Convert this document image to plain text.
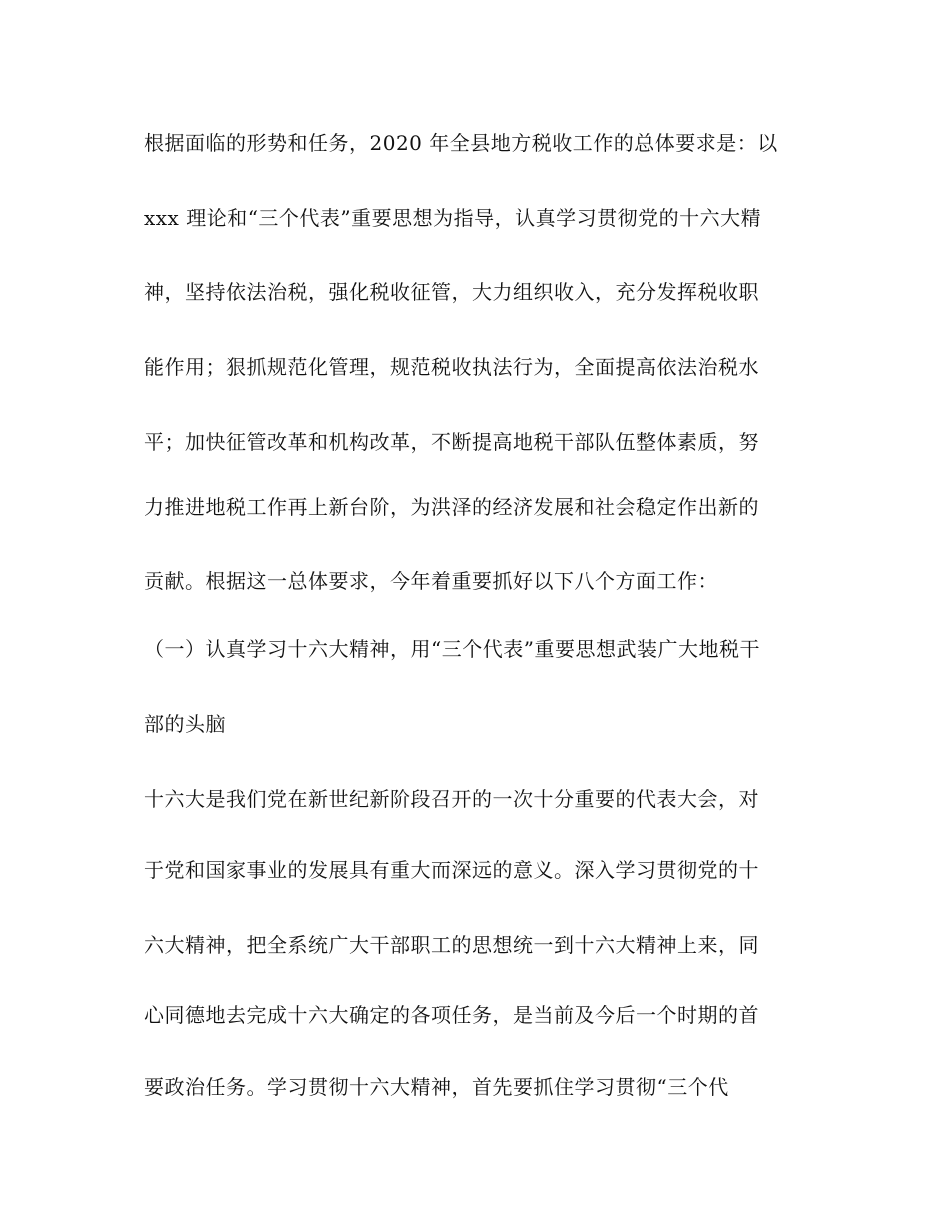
根据面临的形势和任务，2020 年全县地方税收工作的总体要求是：以
xxx 理论和“三个代表”重要思想为指导，认真学习贯彻党的十六大精
神，坚持依法治税，强化税收征管，大力组织收入，充分发挥税收职
能作用；狠抓规范化管理，规范税收执法行为，全面提高依法治税水
平；加快征管改革和机构改革，不断提高地税干部队伍整体素质，努
力推进地税工作再上新台阶，为洪泽的经济发展和社会稳定作出新的
贡献。根据这一总体要求，今年着重要抓好以下八个方面工作：
（一）认真学习十六大精神，用“三个代表”重要思想武装广大地税干
部的头脑
十六大是我们党在新世纪新阶段召开的一次十分重要的代表大会，对
于党和国家事业的发展具有重大而深远的意义。深入学习贯彻党的十
六大精神，把全系统广大干部职工的思想统一到十六大精神上来，同
心同德地去完成十六大确定的各项任务，是当前及今后一个时期的首
要政治任务。学习贯彻十六大精神，首先要抓住学习贯彻“三个代
